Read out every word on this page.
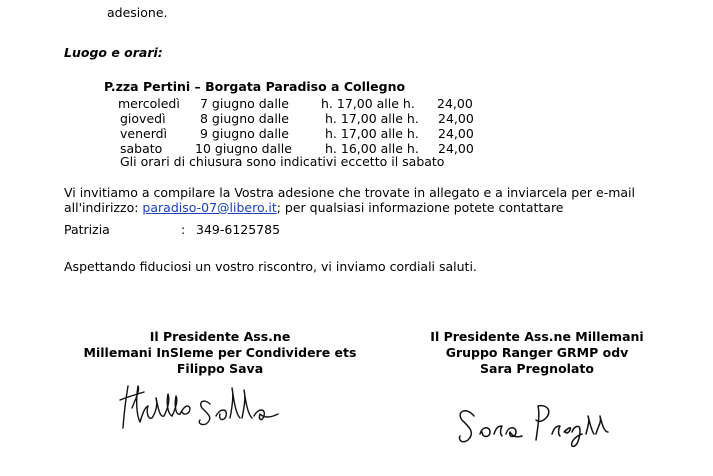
adesione.
Luogo e orari:
P.zza Pertini – Borgata Paradiso a Collegno
mercoledì 7 giugno dalle	h. 17,00 alle h. 24,00
giovedì	8 giugno dalle	h. 17,00 alle h. 24,00
venerdì	9 giugno dalle	h. 17,00 alle h. 24,00
sabato	10 giugno dalle	h. 16,00 alle h. 24,00
Gli orari di chiusura sono indicativi eccetto il sabato
Vi invitiamo a compilare la Vostra adesione che trovate in allegato e a inviarcela per e-mail
all'indirizzo: paradiso-07@libero.it; per qualsiasi informazione potete contattare
Patrizia	: 349-6125785
Aspettando fiduciosi un vostro riscontro, vi inviamo cordiali saluti.
Il Presidente Ass.ne
Millemani InSIeme per Condividere ets
Filippo Sava
Il Presidente Ass.ne Millemani
Gruppo Ranger GRMP odv
Sara Pregnolato
